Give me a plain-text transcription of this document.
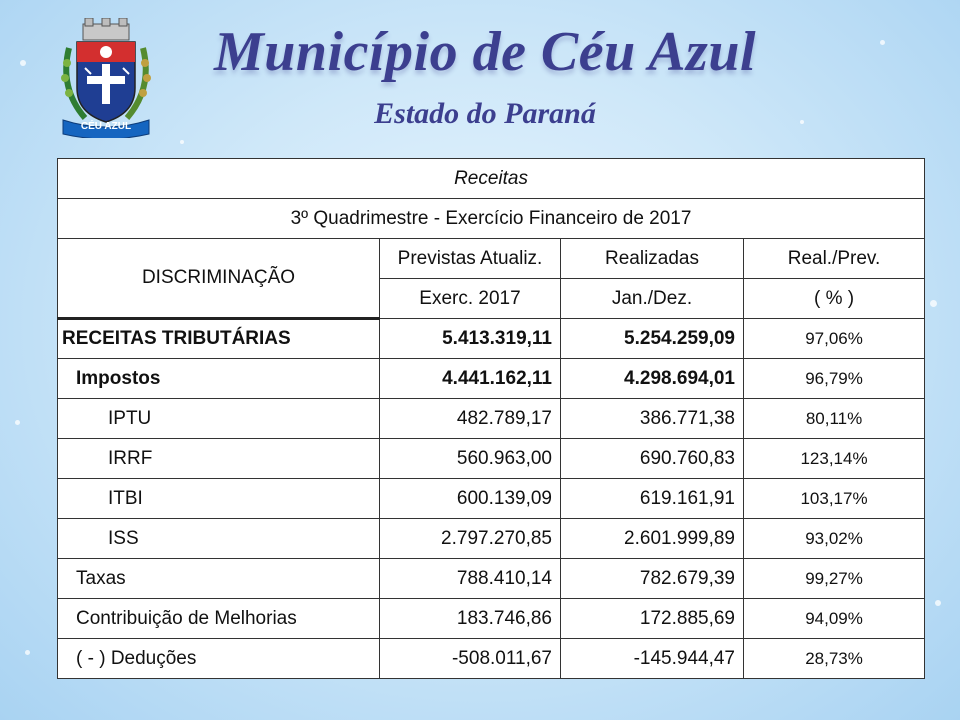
CÉU AZUL
Município de Céu Azul
Estado do Paraná
Receitas			
3º Quadrimestre - Exercício Financeiro de 2017			
DISCRIMINAÇÃO	Previstas Atualiz.	Realizadas	Real./Prev.
	Exerc. 2017	Jan./Dez.	( % )
RECEITAS TRIBUTÁRIAS	5.413.319,11	5.254.259,09	97,06%
Impostos	4.441.162,11	4.298.694,01	96,79%
IPTU	482.789,17	386.771,38	80,11%
IRRF	560.963,00	690.760,83	123,14%
ITBI	600.139,09	619.161,91	103,17%
ISS	2.797.270,85	2.601.999,89	93,02%
Taxas	788.410,14	782.679,39	99,27%
Contribuição de Melhorias	183.746,86	172.885,69	94,09%
( - ) Deduções	-508.011,67	-145.944,47	28,73%
